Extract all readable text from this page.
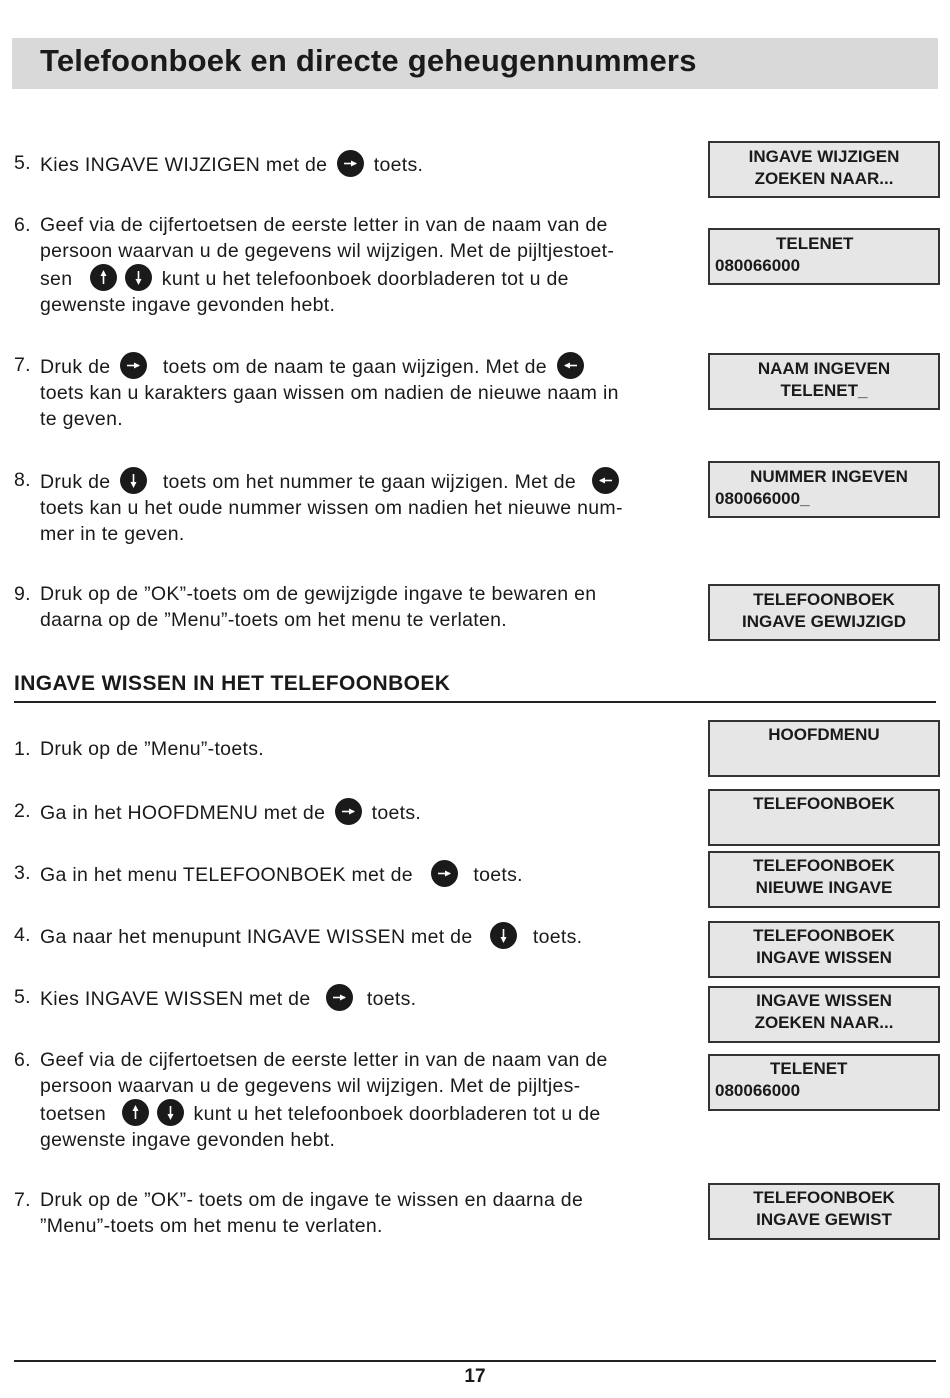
Telefoonboek en directe geheugennummers
5. Kies INGAVE WIJZIGEN met de toets.
6. Geef via de cijfertoetsen de eerste letter in van de naam van de
persoon waarvan u de gegevens wil wijzigen. Met de pijltjestoet-
sen	kunt u het telefoonboek doorbladeren tot u de
gewenste ingave gevonden hebt.
7. Druk de	toets om de naam te gaan wijzigen. Met de

toets kan u karakters gaan wissen om nadien de nieuwe naam in
te geven.
8. Druk de	toets om het nummer te gaan wijzigen. Met de

toets kan u het oude nummer wissen om nadien het nieuwe num-
mer in te geven.
9. Druk op de ”OK”-toets om de gewijzigde ingave te bewaren en
daarna op de ”Menu”-toets om het menu te verlaten.
INGAVE WIJZIGEN
ZOEKEN NAAR...
TELENET
080066000
NAAM INGEVEN
TELENET_
NUMMER INGEVEN
080066000_
TELEFOONBOEK
INGAVE GEWIJZIGD
INGAVE WISSEN IN HET TELEFOONBOEK
1. Druk op de ”Menu”-toets.
2. Ga in het HOOFDMENU met de toets.
3. Ga in het menu TELEFOONBOEK met de	toets.
4. Ga naar het menupunt INGAVE WISSEN met de	toets.
5. Kies INGAVE WISSEN met de	toets.
6. Geef via de cijfertoetsen de eerste letter in van de naam van de
persoon waarvan u de gegevens wil wijzigen. Met de pijltjes-
toetsen	kunt u het telefoonboek doorbladeren tot u de
gewenste ingave gevonden hebt.
7. Druk op de ”OK”- toets om de ingave te wissen en daarna de
”Menu”-toets om het menu te verlaten.
HOOFDMENU
TELEFOONBOEK
TELEFOONBOEK
NIEUWE INGAVE
TELEFOONBOEK
INGAVE WISSEN
INGAVE WISSEN
ZOEKEN NAAR...
TELENET
080066000
TELEFOONBOEK
INGAVE GEWIST
17
